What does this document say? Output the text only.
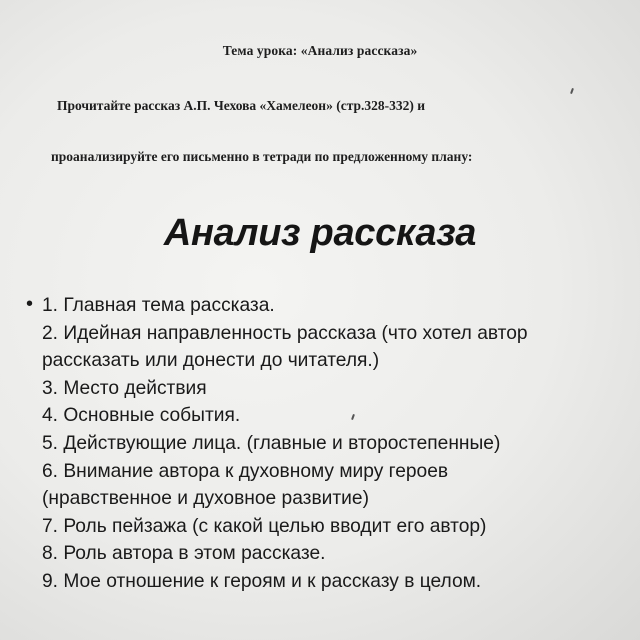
Тема урока: «Анализ рассказа»
Прочитайте рассказ А.П. Чехова «Хамелеон» (стр.328-332) и
проанализируйте его письменно в тетради по предложенному плану:
Анализ рассказа
• 1. Главная тема рассказа.
2. Идейная направленность рассказа (что хотел автор
рассказать или донести до читателя.)
3. Место действия
4. Основные события.
5. Действующие лица. (главные и второстепенные)
6. Внимание автора к духовному миру героев
(нравственное и духовное развитие)
7. Роль пейзажа (с какой целью вводит его автор)
8. Роль автора в этом рассказе.
9. Мое отношение к героям и к рассказу в целом.
